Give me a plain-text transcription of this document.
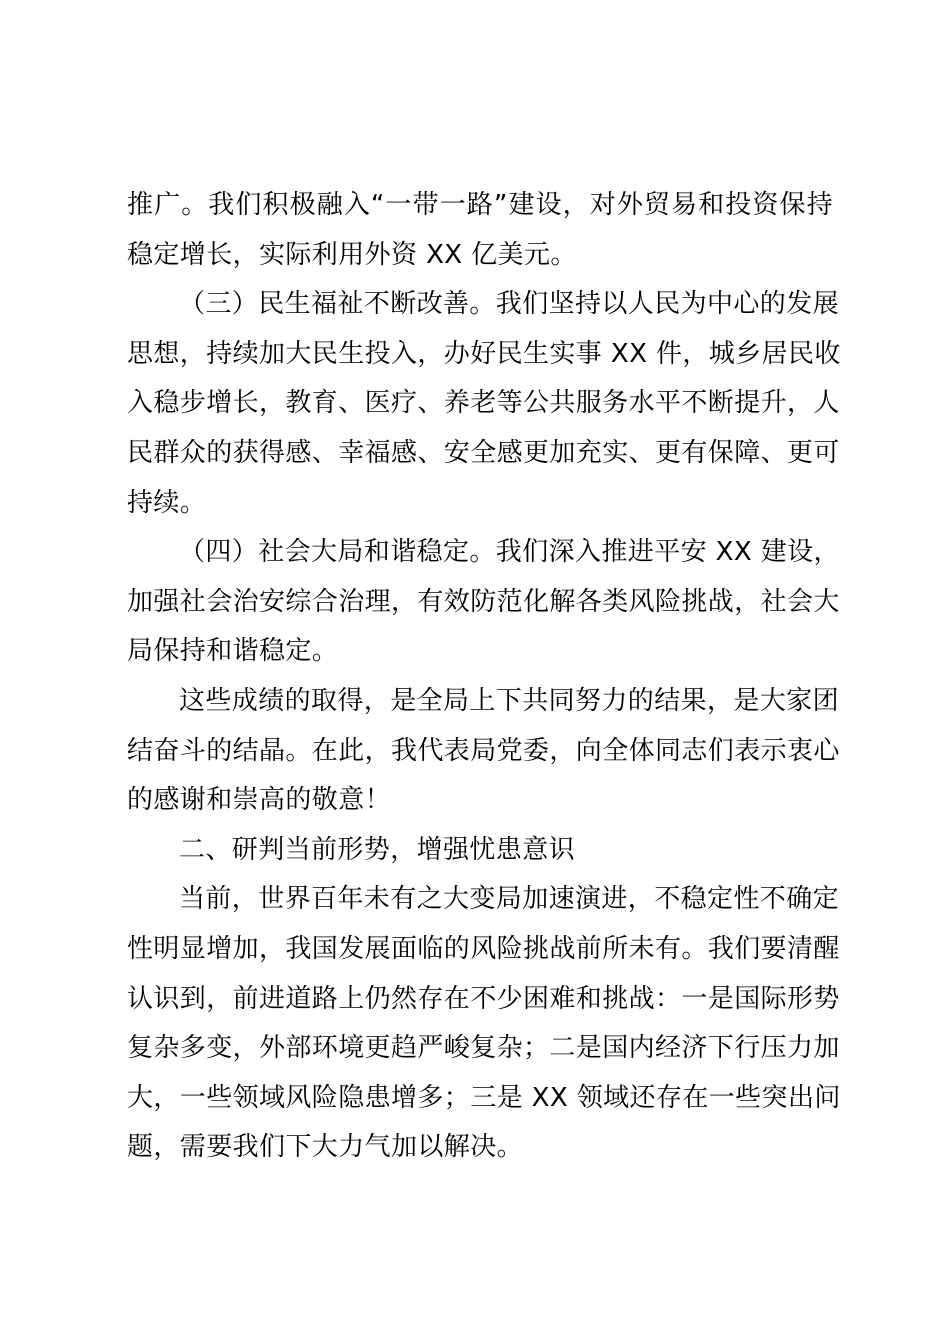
推广。我们积极融入“一带一路”建设，对外贸易和投资保持
稳定增长，实际利用外资 XX 亿美元。
（三）民生福祉不断改善。我们坚持以人民为中心的发展
思想，持续加大民生投入，办好民生实事 XX 件，城乡居民收
入稳步增长，教育、医疗、养老等公共服务水平不断提升，人
民群众的获得感、幸福感、安全感更加充实、更有保障、更可
持续。
（四）社会大局和谐稳定。我们深入推进平安 XX 建设，
加强社会治安综合治理，有效防范化解各类风险挑战，社会大
局保持和谐稳定。
这些成绩的取得，是全局上下共同努力的结果，是大家团
结奋斗的结晶。在此，我代表局党委，向全体同志们表示衷心
的感谢和崇高的敬意！
二、研判当前形势，增强忧患意识
当前，世界百年未有之大变局加速演进，不稳定性不确定
性明显增加，我国发展面临的风险挑战前所未有。我们要清醒
认识到，前进道路上仍然存在不少困难和挑战：一是国际形势
复杂多变，外部环境更趋严峻复杂；二是国内经济下行压力加
大，一些领域风险隐患增多；三是 XX 领域还存在一些突出问
题，需要我们下大力气加以解决。
